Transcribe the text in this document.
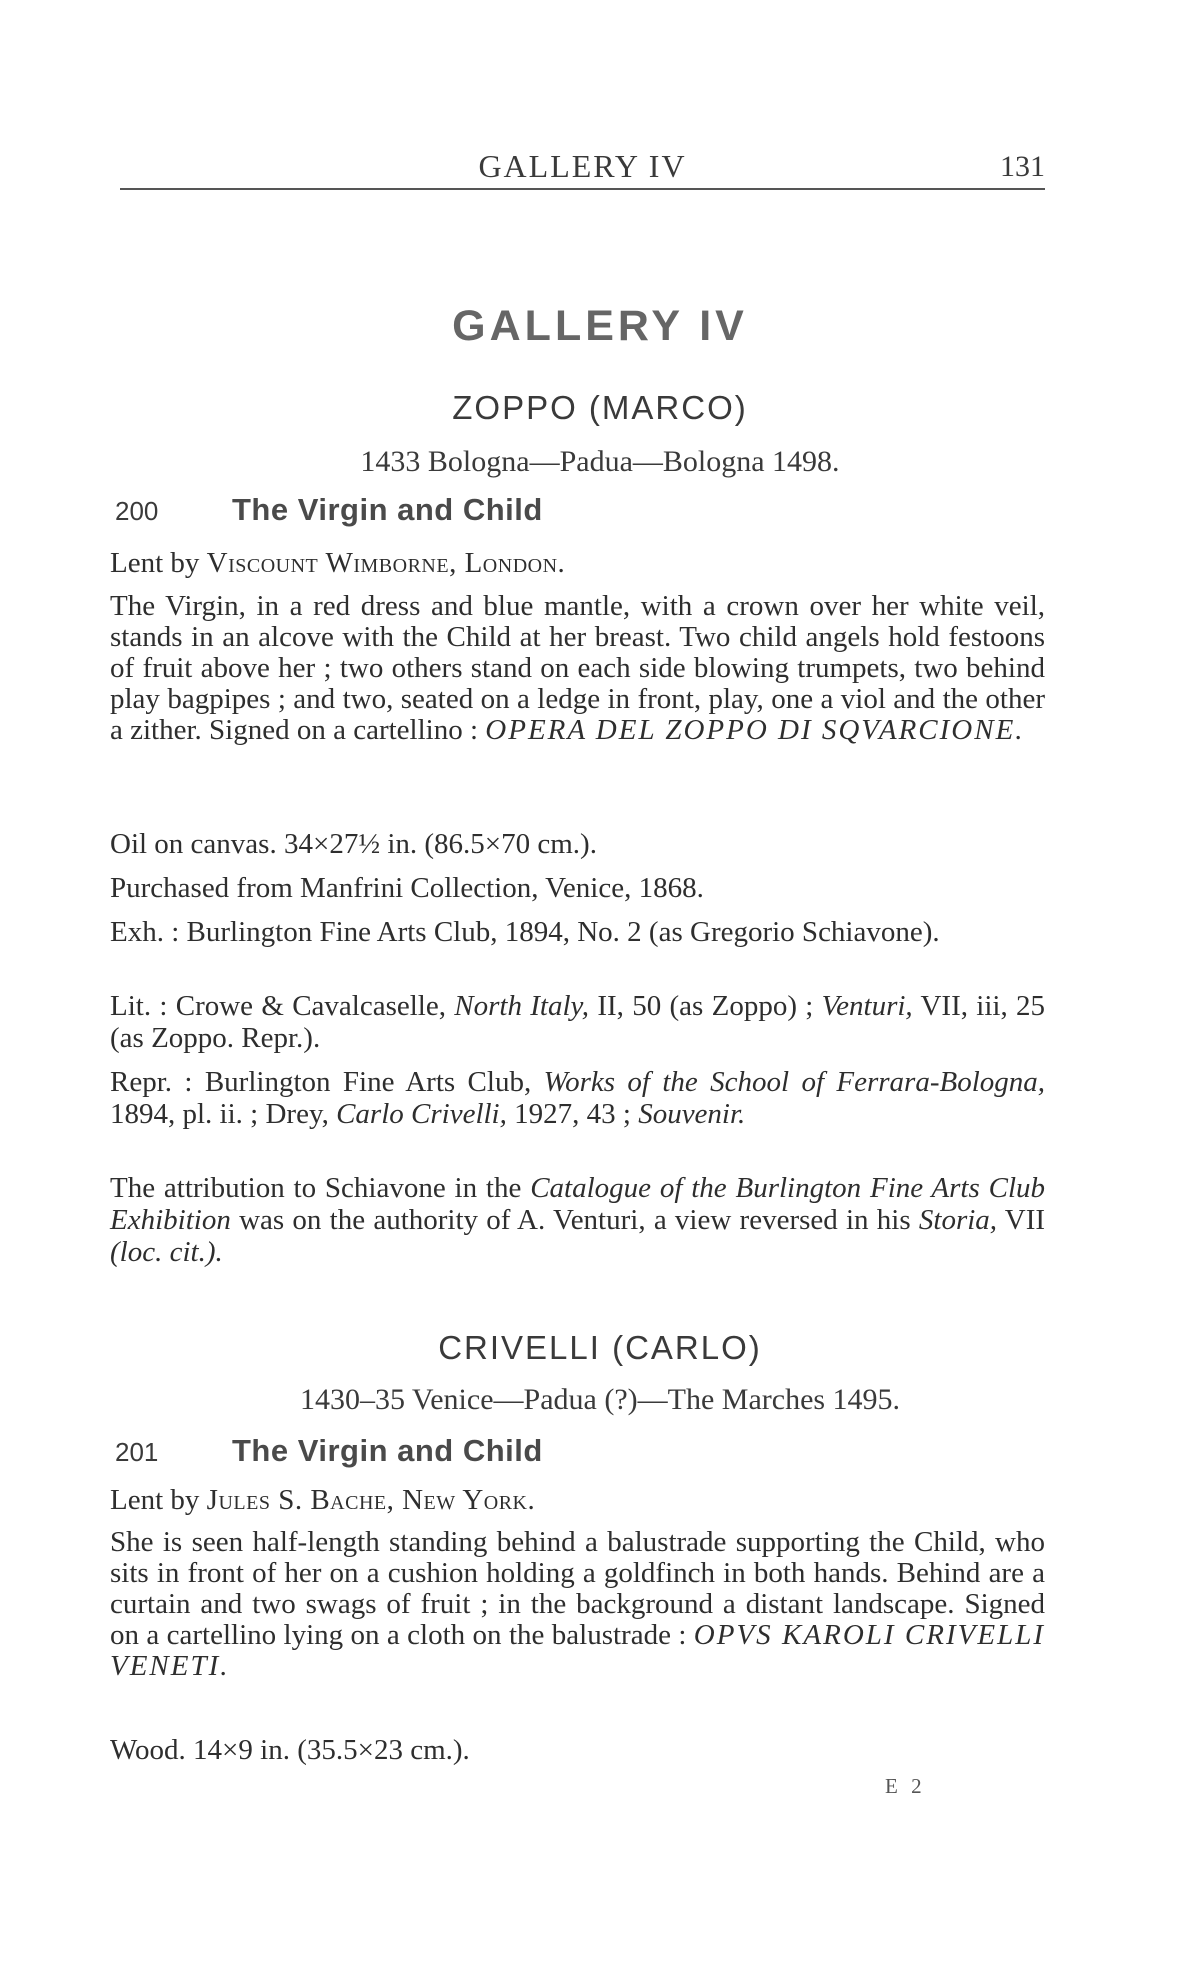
GALLERY IV	131
GALLERY IV
ZOPPO (MARCO)
1433 Bologna—Padua—Bologna 1498.
200 The Virgin and Child

Lent by Viscount Wimborne, London.

The Virgin, in a red dress and blue mantle, with a crown over her white veil, stands in an alcove with the Child at her breast. Two child angels hold festoons of fruit above her ; two others stand on each side blowing trumpets, two behind play bagpipes ; and two, seated on a ledge in front, play, one a viol and the other a zither. Signed on a cartellino : OPERA DEL ZOPPO DI SQVARCIONE.

Oil on canvas. 34×27½ in. (86.5×70 cm.).

Purchased from Manfrini Collection, Venice, 1868.

Exh. : Burlington Fine Arts Club, 1894, No. 2 (as Gregorio Schiavone).

Lit. : Crowe & Cavalcaselle, North Italy, II, 50 (as Zoppo) ; Venturi, VII, iii, 25 (as Zoppo. Repr.).

Repr. : Burlington Fine Arts Club, Works of the School of Ferrara-Bologna, 1894, pl. ii. ; Drey, Carlo Crivelli, 1927, 43 ; Souvenir.

The attribution to Schiavone in the Catalogue of the Burlington Fine Arts Club Exhibition was on the authority of A. Venturi, a view reversed in his Storia, VII (loc. cit.).

CRIVELLI (CARLO)
1430–35 Venice—Padua (?)—The Marches 1495.
201 The Virgin and Child

Lent by Jules S. Bache, New York.

She is seen half-length standing behind a balustrade supporting the Child, who sits in front of her on a cushion holding a goldfinch in both hands. Behind are a curtain and two swags of fruit ; in the background a distant landscape. Signed on a cartellino lying on a cloth on the balustrade : OPVS KAROLI CRIVELLI VENETI.

Wood. 14×9 in. (35.5×23 cm.).

E 2
